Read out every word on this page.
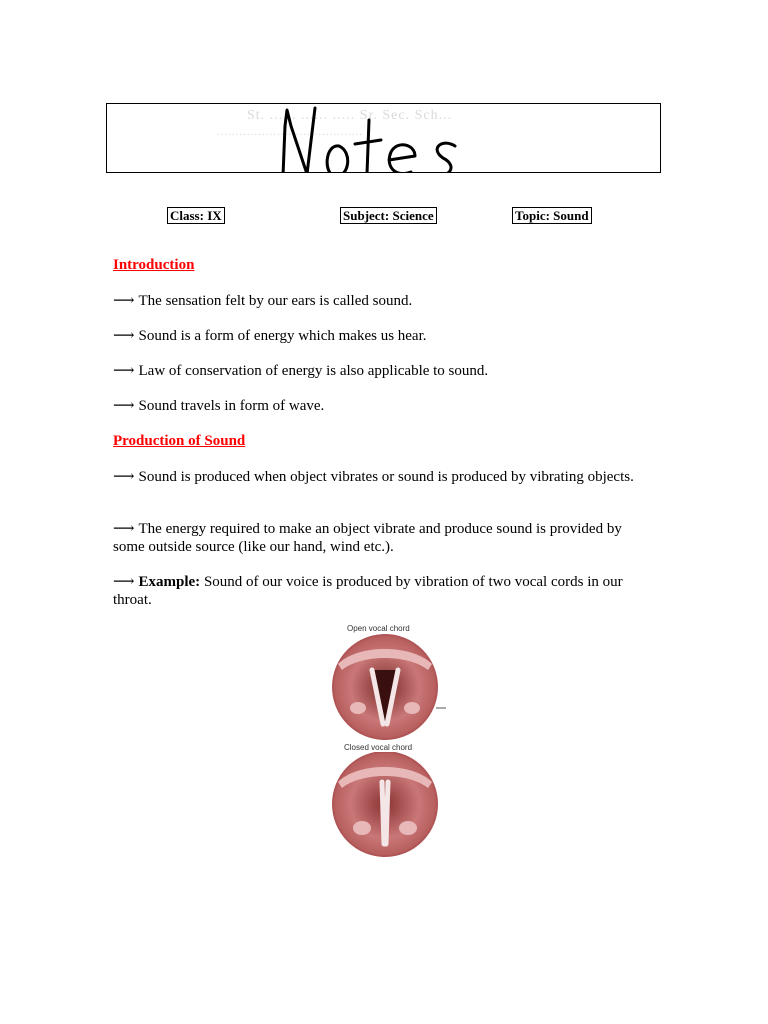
St. ...... ...... ..... Sr. Sec. Sch...
.......................................
Class: IX	Subject: Science	Topic: Sound
Introduction
⟶ The sensation felt by our ears is called sound.
⟶ Sound is a form of energy which makes us hear.
⟶ Law of conservation of energy is also applicable to sound.
⟶ Sound travels in form of wave.
Production of Sound
⟶ Sound is produced when object vibrates or sound is produced by vibrating objects.
⟶ The energy required to make an object vibrate and produce sound is provided by some outside source (like our hand, wind etc.).
⟶ Example: Sound of our voice is produced by vibration of two vocal cords in our throat.
Open vocal chord
Closed vocal chord
